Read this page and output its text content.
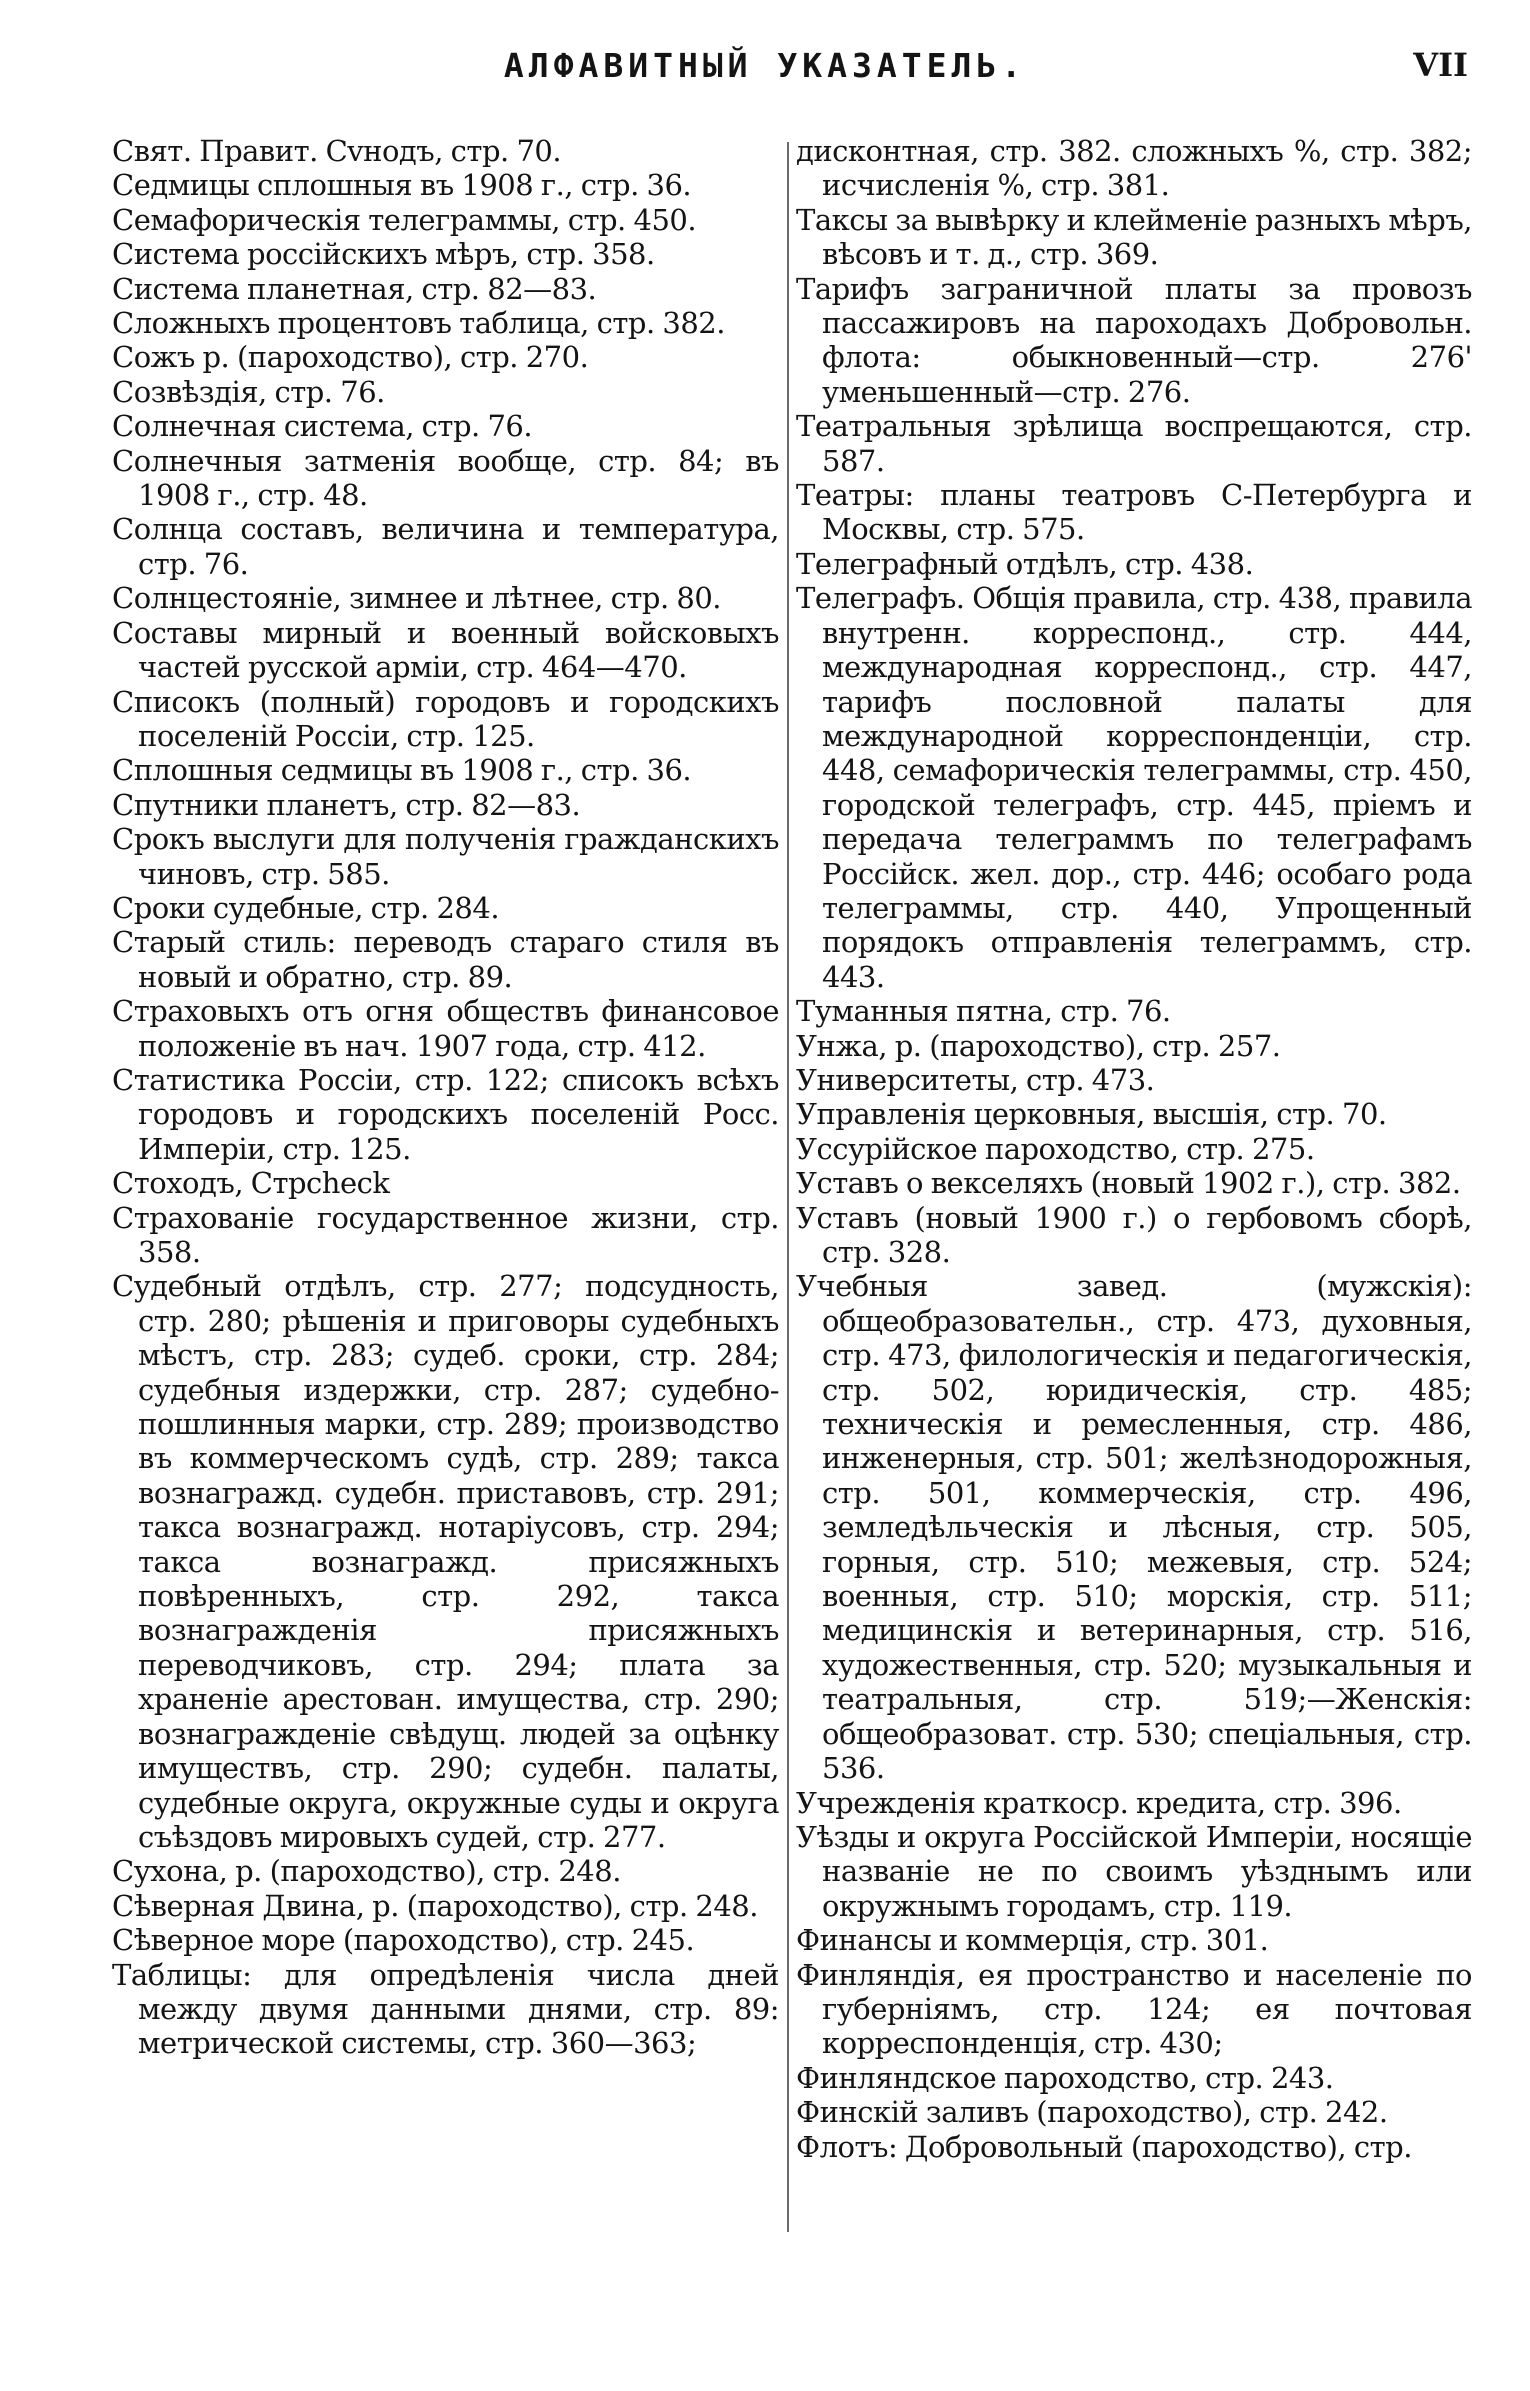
АЛФАВИТНЫЙ УКАЗАТЕЛЬ.	VII
Свят. Правит. Сvнодъ, стр. 70.
Седмицы сплошныя въ 1908 г., стр. 36.
Семафорическія телеграммы, стр. 450.
Система россійскихъ мѣръ, стр. 358.
Система планетная, стр. 82—83.
Сложныхъ процентовъ таблица, стр. 382.
Сожъ р. (пароходство), стр. 270.
Созвѣздія, стр. 76.
Солнечная система, стр. 76.
Солнечныя затменія вообще, стр. 84; въ 1908 г., стр. 48.
Солнца составъ, величина и температура, стр. 76.
Солнцестояніе, зимнее и лѣтнее, стр. 80.
Составы мирный и военный войсковыхъ частей русской арміи, стр. 464—470.
Списокъ (полный) городовъ и городскихъ поселеній Россіи, стр. 125.
Сплошныя седмицы въ 1908 г., стр. 36.
Спутники планетъ, стр. 82—83.
Срокъ выслуги для полученія гражданскихъ чиновъ, стр. 585.
Сроки судебные, стр. 284.
Старый стиль: переводъ стараго стиля въ новый и обратно, стр. 89.
Страховыхъ отъ огня обществъ финансовое положеніе въ нач. 1907 года, стр. 412.
Статистика Россіи, стр. 122; списокъ всѣхъ городовъ и городскихъ поселеній Росс. Имперіи, стр. 125.
Стоходъ, Стрcheck
Страхованіе государственное жизни, стр. 358.
Судебный отдѣлъ, стр. 277; подсудность, стр. 280; рѣшенія и приговоры судебныхъ мѣстъ, стр. 283; судеб. сроки, стр. 284; судебныя издержки, стр. 287; судебно-пошлинныя марки, стр. 289; производство въ коммерческомъ судѣ, стр. 289; такса вознагражд. судебн. приставовъ, стр. 291; такса вознагражд. нотаріусовъ, стр. 294; такса вознагражд. присяжныхъ повѣренныхъ, стр. 292, такса вознагражденія присяжныхъ переводчиковъ, стр. 294; плата за храненіе арестован. имущества, стр. 290; вознагражденіе свѣдущ. людей за оцѣнку имуществъ, стр. 290; судебн. палаты, судебные округа, окружные суды и округа съѣздовъ мировыхъ судей, стр. 277.
Сухона, р. (пароходство), стр. 248.
Сѣверная Двина, р. (пароходство), стр. 248.
Сѣверное море (пароходство), стр. 245.
Таблицы: для опредѣленія числа дней между двумя данными днями, стр. 89: метрической системы, стр. 360—363;
дисконтная, стр. 382. сложныхъ %, стр. 382; исчисленія %, стр. 381.
Таксы за вывѣрку и клейменіе разныхъ мѣръ, вѣсовъ и т. д., стр. 369.
Тарифъ заграничной платы за провозъ пассажировъ на пароходахъ Добровольн. флота: обыкновенный—стр. 276' уменьшенный—стр. 276.
Театральныя зрѣлища воспрещаются, стр. 587.
Театры: планы театровъ С-Петербурга и Москвы, стр. 575.
Телеграфный отдѣлъ, стр. 438.
Телеграфъ. Общія правила, стр. 438, правила внутренн. корреспонд., стр. 444, международная корреспонд., стр. 447, тарифъ пословной палаты для международной корреспонденціи, стр. 448, семафорическія телеграммы, стр. 450, городской телеграфъ, стр. 445, пріемъ и передача телеграммъ по телеграфамъ Россійск. жел. дор., стр. 446; особаго рода телеграммы, стр. 440, Упрощенный порядокъ отправленія телеграммъ, стр. 443.
Туманныя пятна, стр. 76.
Унжа, р. (пароходство), стр. 257.
Университеты, стр. 473.
Управленія церковныя, высшія, стр. 70.
Уссурійское пароходство, стр. 275.
Уставъ о векселяхъ (новый 1902 г.), стр. 382.
Уставъ (новый 1900 г.) о гербовомъ сборѣ, стр. 328.
Учебныя завед. (мужскія): общеобразовательн., стр. 473, духовныя, стр. 473, филологическія и педагогическія, стр. 502, юридическія, стр. 485; техническія и ремесленныя, стр. 486, инженерныя, стр. 501; желѣзнодорожныя, стр. 501, коммерческія, стр. 496, земледѣльческія и лѣсныя, стр. 505, горныя, стр. 510; межевыя, стр. 524; военныя, стр. 510; морскія, стр. 511; медицинскія и ветеринарныя, стр. 516, художественныя, стр. 520; музыкальныя и театральныя, стр. 519;—Женскія: общеобразоват. стр. 530; спеціальныя, стр. 536.
Учрежденія краткоср. кредита, стр. 396.
Уѣзды и округа Россійской Имперіи, носящіе названіе не по своимъ уѣзднымъ или окружнымъ городамъ, стр. 119.
Финансы и коммерція, стр. 301.
Финляндія, ея пространство и населеніе по губерніямъ, стр. 124; ея почтовая корреспонденція, стр. 430;
Финляндское пароходство, стр. 243.
Финскій заливъ (пароходство), стр. 242.
Флотъ: Добровольный (пароходство), стр.
